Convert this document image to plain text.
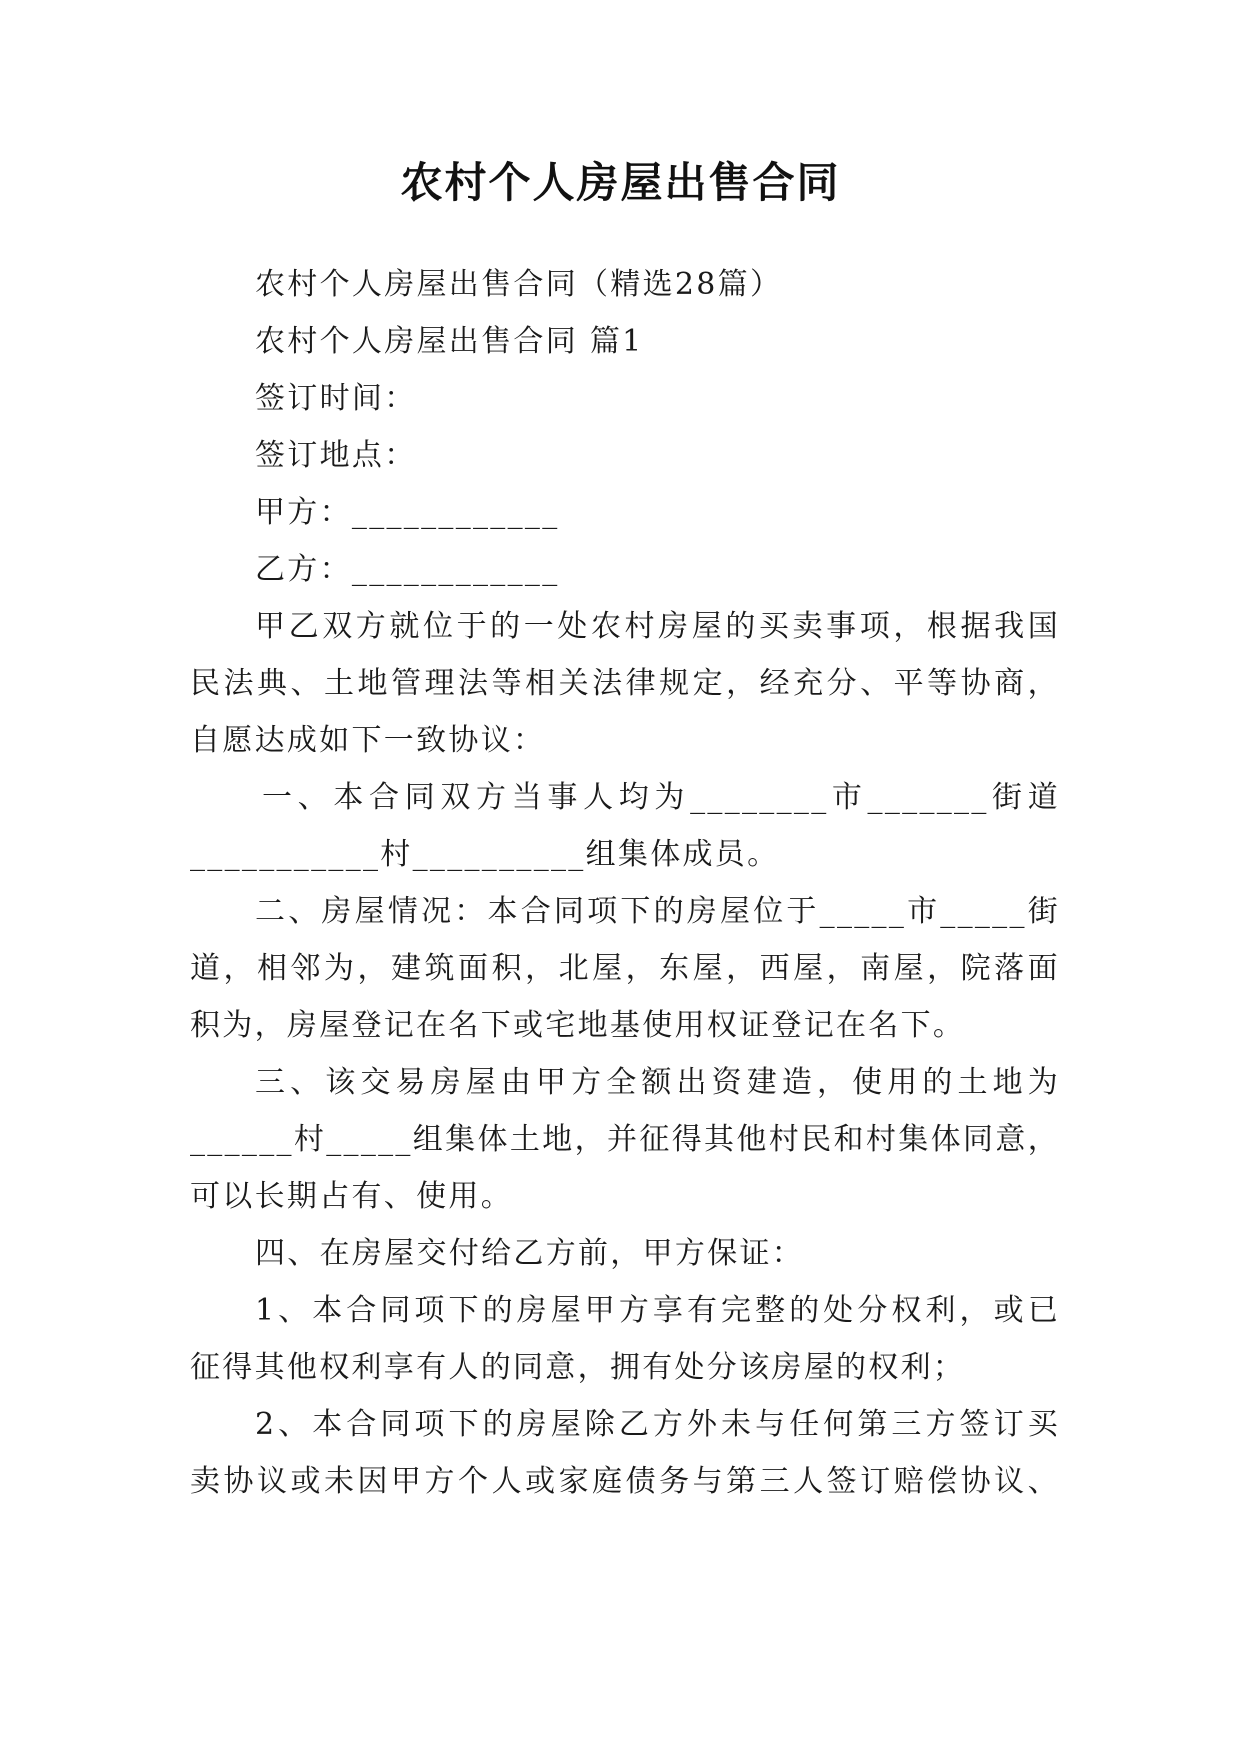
农村个人房屋出售合同
农村个人房屋出售合同（精选28篇）
农村个人房屋出售合同 篇1
签订时间：
签订地点：
甲方：____________
乙方：____________
甲乙双方就位于的一处农村房屋的买卖事项，根据我国
民法典、土地管理法等相关法律规定，经充分、平等协商，
自愿达成如下一致协议：
一、本合同双方当事人均为________市_______街道
___________村__________组集体成员。
二、房屋情况：本合同项下的房屋位于_____市_____街
道，相邻为，建筑面积，北屋，东屋，西屋，南屋，院落面
积为，房屋登记在名下或宅地基使用权证登记在名下。
三、该交易房屋由甲方全额出资建造，使用的土地为
______村_____组集体土地，并征得其他村民和村集体同意，
可以长期占有、使用。
四、在房屋交付给乙方前，甲方保证：
1、本合同项下的房屋甲方享有完整的处分权利，或已
征得其他权利享有人的同意，拥有处分该房屋的权利；
2、本合同项下的房屋除乙方外未与任何第三方签订买
卖协议或未因甲方个人或家庭债务与第三人签订赔偿协议、
